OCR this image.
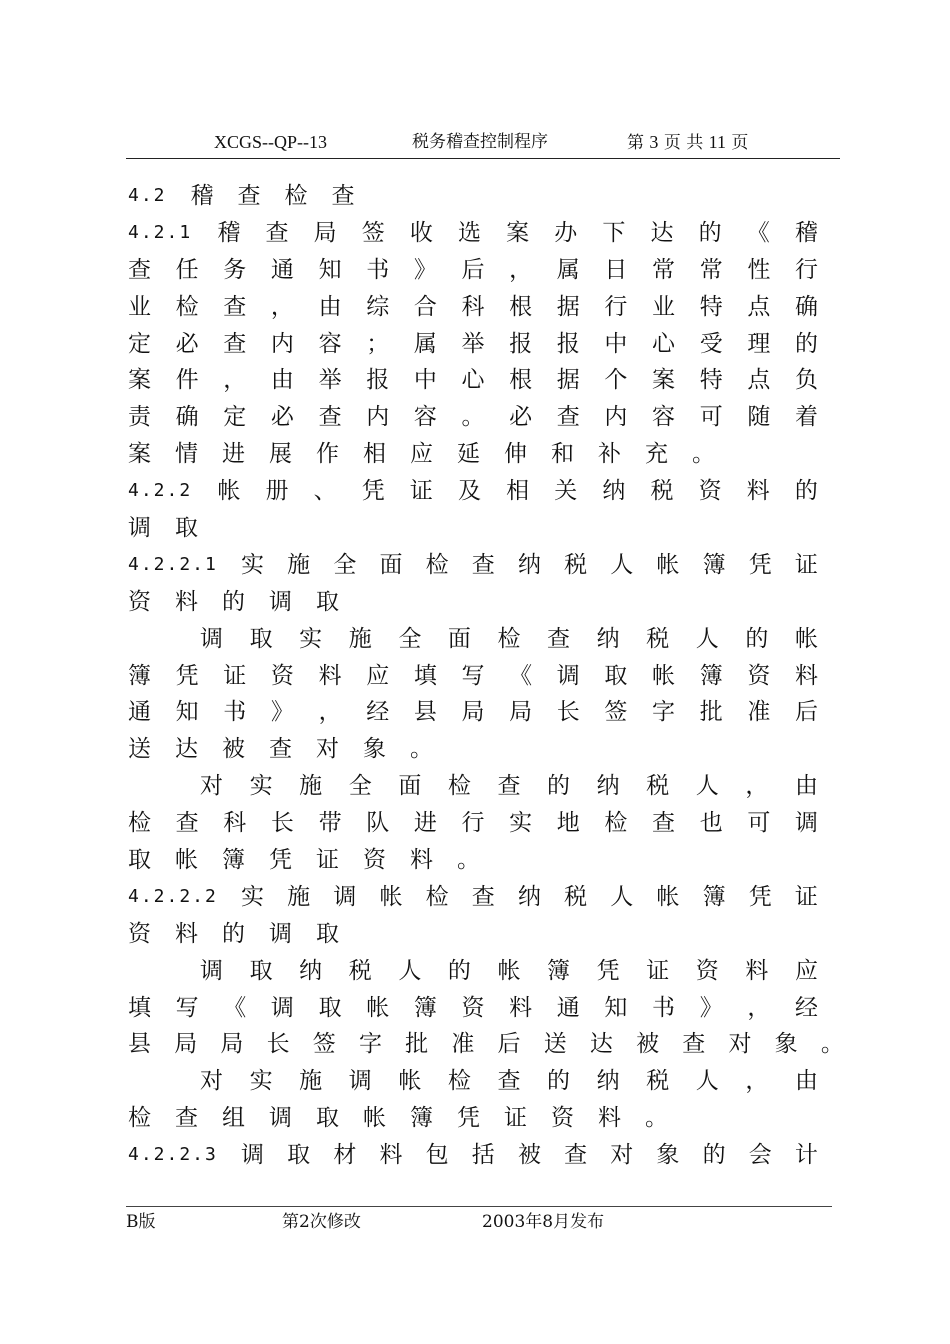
XCGS--QP--13	税务稽查控制程序	第 3 页 共 11 页
4.2 稽 查 检 查
4.2.1 稽 查 局 签 收 选 案 办 下 达 的 《 稽
查 任 务 通 知 书 》 后 ， 属 日 常 常 性 行
业 检 查 ， 由 综 合 科 根 据 行 业 特 点 确
定 必 查 内 容 ； 属 举 报 报 中 心 受 理 的
案 件 ， 由 举 报 中 心 根 据 个 案 特 点 负
责 确 定 必 查 内 容 。 必 查 内 容 可 随 着
案 情 进 展 作 相 应 延 伸 和 补 充 。
4.2.2 帐 册 、 凭 证 及 相 关 纳 税 资 料 的
调 取
4.2.2.1 实 施 全 面 检 查 纳 税 人 帐 簿 凭 证
资 料 的 调 取
调 取 实 施 全 面 检 查 纳 税 人 的 帐
簿 凭 证 资 料 应 填 写 《 调 取 帐 簿 资 料
通 知 书 》 ， 经 县 局 局 长 签 字 批 准 后
送 达 被 查 对 象 。
对 实 施 全 面 检 查 的 纳 税 人 ， 由
检 查 科 长 带 队 进 行 实 地 检 查 也 可 调
取 帐 簿 凭 证 资 料 。
4.2.2.2 实 施 调 帐 检 查 纳 税 人 帐 簿 凭 证
资 料 的 调 取
调 取 纳 税 人 的 帐 簿 凭 证 资 料 应
填 写 《 调 取 帐 簿 资 料 通 知 书 》 ， 经
县 局 局 长 签 字 批 准 后 送 达 被 查 对 象 。
对 实 施 调 帐 检 查 的 纳 税 人 ， 由
检 查 组 调 取 帐 簿 凭 证 资 料 。
4.2.2.3 调 取 材 料 包 括 被 查 对 象 的 会 计
B版	第2次修改	2003年8月发布
